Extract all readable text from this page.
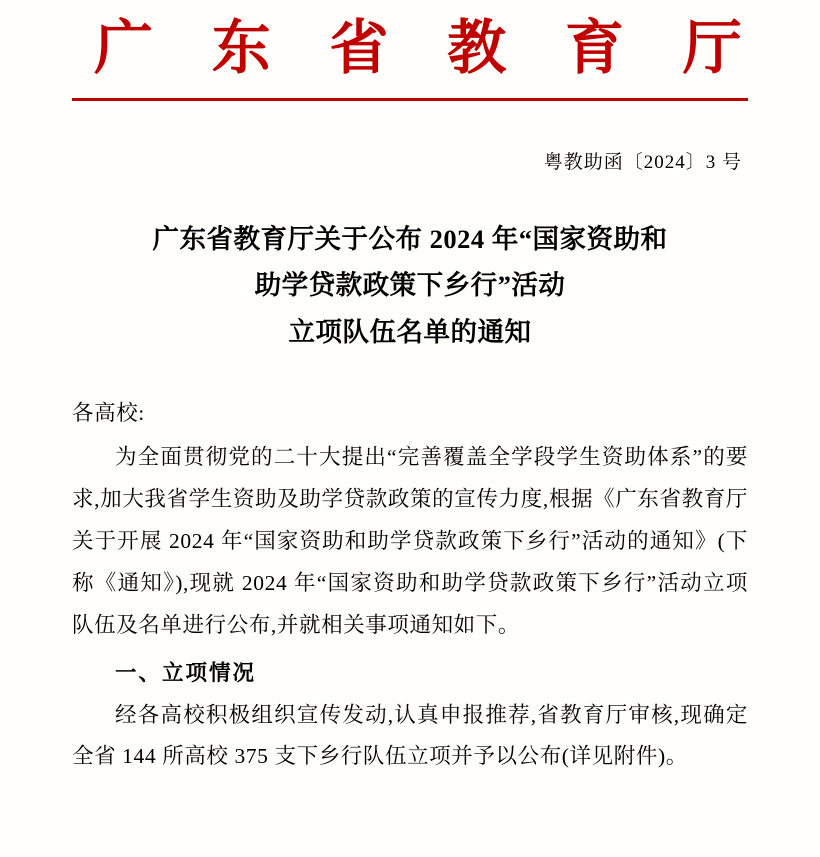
广 东 省 教 育 厅
粤教助函〔2024〕3 号
广东省教育厅关于公布 2024 年“国家资助和
助学贷款政策下乡行”活动
立项队伍名单的通知

各高校:

为全面贯彻党的二十大提出“完善覆盖全学段学生资助体系”的要求,加大我省学生资助及助学贷款政策的宣传力度,根据《广东省教育厅关于开展 2024 年“国家资助和助学贷款政策下乡行”活动的通知》(下称《通知》),现就 2024 年“国家资助和助学贷款政策下乡行”活动立项队伍及名单进行公布,并就相关事项通知如下。

一、立项情况

经各高校积极组织宣传发动,认真申报推荐,省教育厅审核,现确定全省 144 所高校 375 支下乡行队伍立项并予以公布(详见附件)。
